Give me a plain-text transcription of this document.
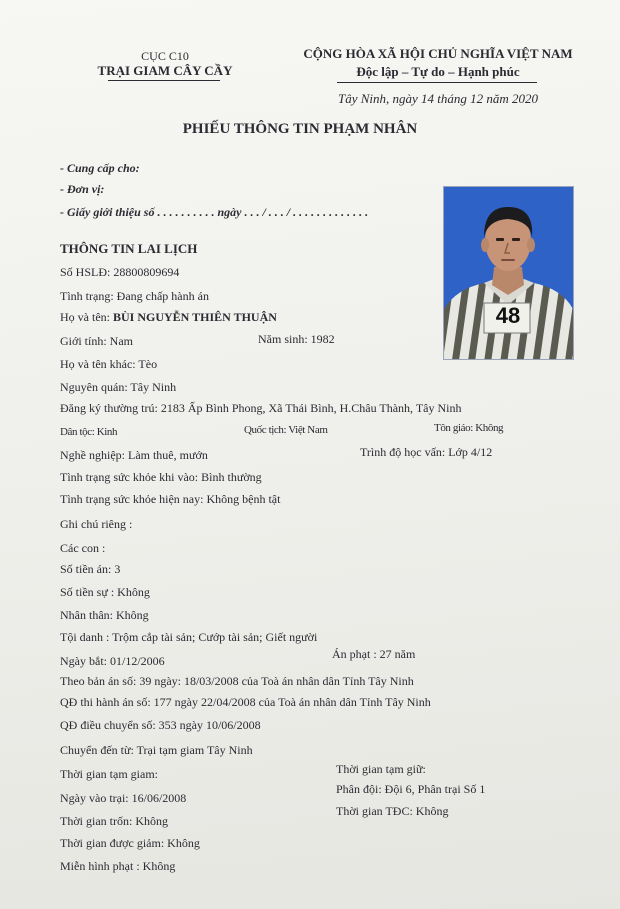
CỤC C10
TRẠI GIAM CÂY CẦY
CỘNG HÒA XÃ HỘI CHỦ NGHĨA VIỆT NAM
Độc lập – Tự do – Hạnh phúc
Tây Ninh, ngày 14 tháng 12 năm 2020
PHIẾU THÔNG TIN PHẠM NHÂN
- Cung cấp cho:
- Đơn vị:
- Giấy giới thiệu số . . . . . . . . . . ngày . . . / . . . / . . . . . . . . . . . . .
THÔNG TIN LAI LỊCH
48
Số HSLĐ: 28800809694
Tình trạng: Đang chấp hành án
Họ và tên: BÙI NGUYỄN THIÊN THUẬN
Giới tính: Nam	Năm sinh: 1982
Họ và tên khác: Tèo
Nguyên quán: Tây Ninh
Đăng ký thường trú: 2183 Ấp Bình Phong, Xã Thái Bình, H.Châu Thành, Tây Ninh
Dân tộc: Kinh	Quốc tịch: Việt Nam	Tôn giáo: Không
Nghề nghiệp: Làm thuê, mướn	Trình độ học vấn: Lớp 4/12
Tình trạng sức khỏe khi vào: Bình thường
Tình trạng sức khỏe hiện nay: Không bệnh tật
Ghi chú riêng :
Các con :
Số tiền án: 3
Số tiền sự : Không
Nhân thân: Không
Tội danh : Trộm cắp tài sản; Cướp tài sản; Giết người
Ngày bắt: 01/12/2006	Án phạt : 27 năm
Theo bản án số: 39 ngày: 18/03/2008 của Toà án nhân dân Tỉnh Tây Ninh
QĐ thi hành án số: 177 ngày 22/04/2008 của Toà án nhân dân Tỉnh Tây Ninh
QĐ điều chuyển số: 353 ngày 10/06/2008
Chuyển đến từ: Trại tạm giam Tây Ninh
Thời gian tạm giam:	Thời gian tạm giữ:
Ngày vào trại: 16/06/2008
Phân đội: Đội 6, Phân trại Số 1
Thời gian trốn: Không
Thời gian TĐC: Không
Thời gian được giảm: Không
Miễn hình phạt : Không
